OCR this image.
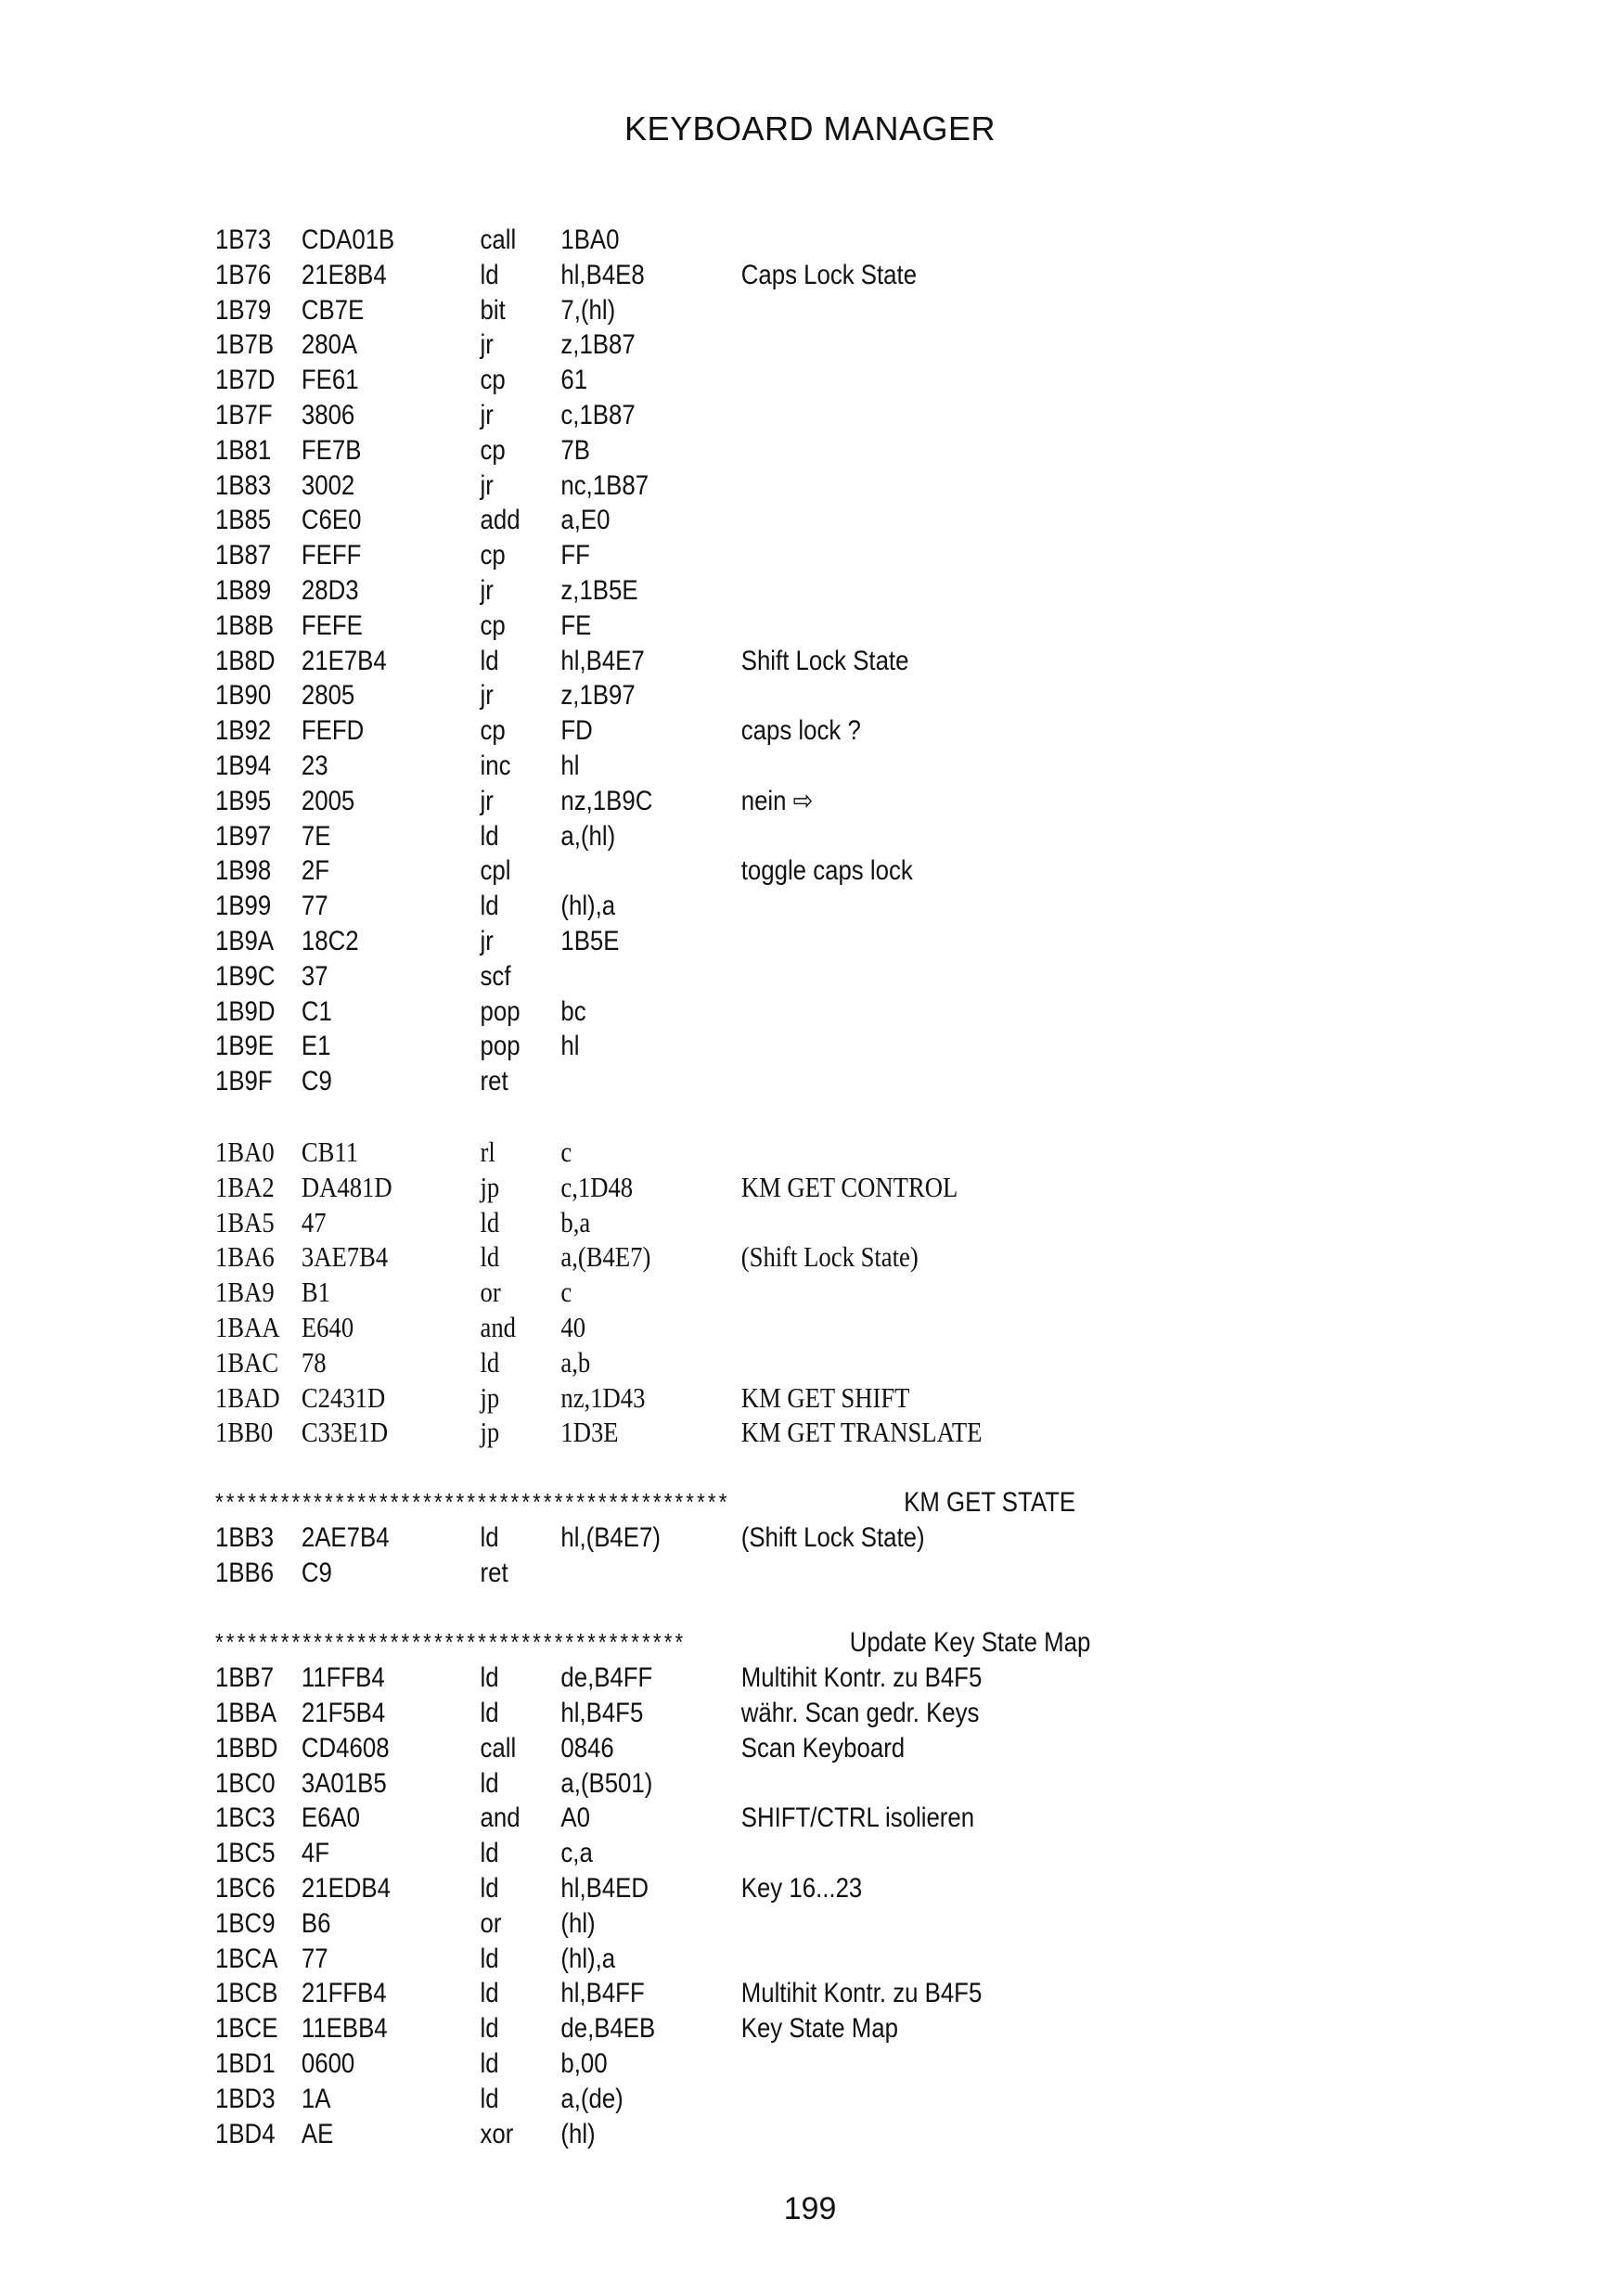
KEYBOARD MANAGER
1B73 CDA01B	call 1BA0
1B76 21E8B4	ld hl,B4E8	Caps Lock State
1B79 CB7E	bit 7,(hl)
1B7B 280A	jr z,1B87
1B7D FE61	cp 61
1B7F 3806	jr c,1B87
1B81 FE7B	cp 7B
1B83 3002	jr nc,1B87
1B85 C6E0	add a,E0
1B87 FEFF	cp FF
1B89 28D3	jr z,1B5E
1B8B FEFE	cp FE
1B8D 21E7B4	ld hl,B4E7	Shift Lock State
1B90 2805	jr z,1B97
1B92 FEFD	cp FD	caps lock ?
1B94 23	inc hl
1B95 2005	jr nz,1B9C	nein ⇨
1B97 7E	ld a,(hl)
1B98 2F	cpl	toggle caps lock
1B99 77	ld (hl),a
1B9A 18C2	jr 1B5E
1B9C 37	scf
1B9D C1	pop bc
1B9E E1	pop hl
1B9F C9	ret
1BA0 CB11	rl c
1BA2 DA481D	jp c,1D48	KM GET CONTROL
1BA5 47	ld b,a
1BA6 3AE7B4	ld a,(B4E7)	(Shift Lock State)
1BA9 B1	or c
1BAA E640	and 40
1BAC 78	ld a,b
1BAD C2431D	jp nz,1D43	KM GET SHIFT
1BB0 C33E1D	jp 1D3E	KM GET TRANSLATE
***********************************************	KM GET STATE
1BB3 2AE7B4	ld hl,(B4E7)	(Shift Lock State)
1BB6 C9	ret
*******************************************	Update Key State Map
1BB7 11FFB4	ld de,B4FF	Multihit Kontr. zu B4F5
1BBA 21F5B4	ld hl,B4F5	währ. Scan gedr. Keys
1BBD CD4608	call 0846	Scan Keyboard
1BC0 3A01B5	ld a,(B501)
1BC3 E6A0	and A0	SHIFT/CTRL isolieren
1BC5 4F	ld c,a
1BC6 21EDB4	ld hl,B4ED	Key 16...23
1BC9 B6	or (hl)
1BCA 77	ld (hl),a
1BCB 21FFB4	ld hl,B4FF	Multihit Kontr. zu B4F5
1BCE 11EBB4	ld de,B4EB	Key State Map
1BD1 0600	ld b,00
1BD3 1A	ld a,(de)
1BD4 AE	xor (hl)
199
